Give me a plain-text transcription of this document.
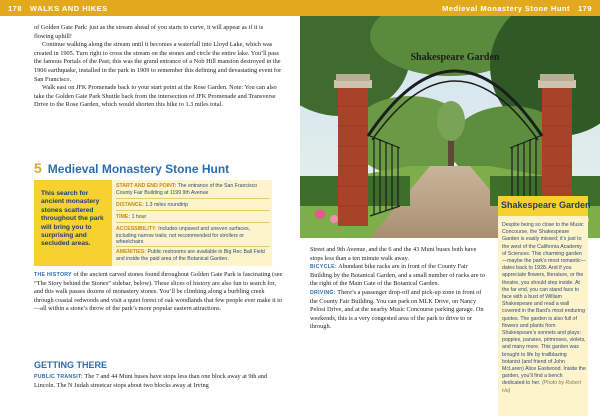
178 WALKS AND HIKES

of Golden Gate Park: just as the stream ahead of you starts to curve, it will appear as if it is flowing uphill!

Continue walking along the stream until it becomes a waterfall into Lloyd Lake, which was created in 1905. Turn right to cross the stream on the stones and circle the entire lake. You’ll pass the famous Portals of the Past; this was the grand entrance of a Nob Hill mansion destroyed in the 1906 earthquake, installed in the park in 1909 to remember this defining and devastating event for San Francisco.

Walk east on JFK Promenade back to your start point at the Rose Garden. Note: You can also take the Golden Gate Park Shuttle back from the intersection of JFK Promenade and Transverse Drive to the Rose Garden, which would shorten this hike to 1.3 miles total.

5 Medieval Monastery Stone Hunt
This search for ancient monastery stones scattered throughout the park will bring you to surprising and secluded areas.
START AND END POINT: The entrance of the San Francisco County Fair Building at 1199 9th Avenue
DISTANCE: 1.3 miles roundtrip
TIME: 1 hour
ACCESSIBILITY: Includes unpaved and uneven surfaces, including narrow trails; not recommended for strollers or wheelchairs
AMENITIES: Public restrooms are available in Big Rec Ball Field and inside the paid area of the Botanical Garden.
THE HISTORY of the ancient carved stones found throughout Golden Gate Park is fascinating (see “The Story behind the Stones” sidebar, below). These slices of history are also fun to search for, and this walk passes dozens of monastery stones. You’ll be climbing along a burbling creek through coastal redwoods and visit a quiet forest of oak woodlands that few people ever make it to—all within a stone’s throw of the park’s more popular eastern attractions.
GETTING THERE
PUBLIC TRANSIT: The 7 and 44 Muni buses have stops less than one block away at 9th and Lincoln. The N Judah streetcar stops about two blocks away at Irving
Medieval Monastery Stone Hunt 179
Shakespeare Garden

Street and 9th Avenue, and the 6 and the 43 Muni buses both have stops less than a ten minute walk away.

BICYCLE: Abundant bike racks are in front of the County Fair Building by the Botanical Garden, and a small number of racks are to the right of the Main Gate of the Botanical Garden.

DRIVING: There’s a passenger drop-off and pick-up zone in front of the County Fair Building. You can park on MLK Drive, on Nancy Pelosi Drive, and at the nearby Music Concourse parking garage. On weekends, this is a very congested area of the park to drive to or through.

Shakespeare Garden
Despite being so close to the Music Concourse, the Shakespeare Garden is easily missed; it’s just to the west of the California Academy of Sciences. This charming garden—maybe the park’s most romantic—dates back to 1928. And if you appreciate flowers, literature, or the theatre, you should step inside. At the far end, you can stand face to face with a bust of William Shakespeare and read a wall covered in the Bard’s most enduring quotes. The garden is also full of flowers and plants from Shakespeare’s sonnets and plays: poppies, pansies, primroses, violets, and many more. This garden was brought to life by trailblazing botanist (and friend of John McLaren) Alice Eastwood. Inside the garden, you’ll find a bench dedicated to her. (Photo by Robert Ho)
